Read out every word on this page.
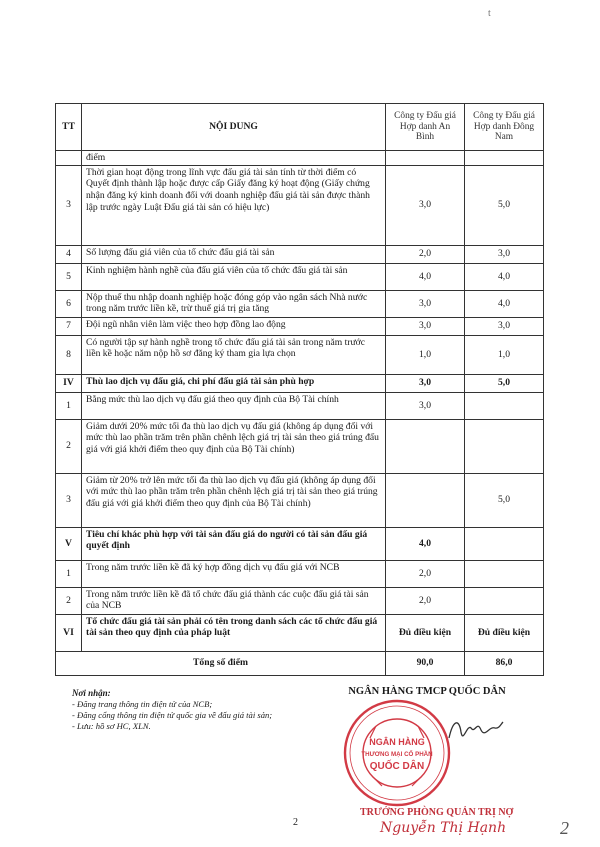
t
TT	NỘI DUNG	Công ty Đấu giá Hợp danh An Bình	Công ty Đấu giá Hợp danh Đông Nam
	điểm		
3	Thời gian hoạt động trong lĩnh vực đấu giá tài sản tính từ thời điểm có Quyết định thành lập hoặc được cấp Giấy đăng ký hoạt động (Giấy chứng nhận đăng ký kinh doanh đối với doanh nghiệp đấu giá tài sản được thành lập trước ngày Luật Đấu giá tài sản có hiệu lực)	3,0	5,0
4	Số lượng đấu giá viên của tổ chức đấu giá tài sản	2,0	3,0
5	Kinh nghiệm hành nghề của đấu giá viên của tổ chức đấu giá tài sản	4,0	4,0
6	Nộp thuế thu nhập doanh nghiệp hoặc đóng góp vào ngân sách Nhà nước trong năm trước liền kề, trừ thuế giá trị gia tăng	3,0	4,0
7	Đội ngũ nhân viên làm việc theo hợp đồng lao động	3,0	3,0
8	Có người tập sự hành nghề trong tổ chức đấu giá tài sản trong năm trước liền kề hoặc năm nộp hồ sơ đăng ký tham gia lựa chọn	1,0	1,0
IV	Thù lao dịch vụ đấu giá, chi phí đấu giá tài sản phù hợp	3,0	5,0
1	Bằng mức thù lao dịch vụ đấu giá theo quy định của Bộ Tài chính	3,0	
2	Giảm dưới 20% mức tối đa thù lao dịch vụ đấu giá (không áp dụng đối với mức thù lao phần trăm trên phần chênh lệch giá trị tài sản theo giá trúng đấu giá với giá khởi điểm theo quy định của Bộ Tài chính)		
3	Giảm từ 20% trở lên mức tối đa thù lao dịch vụ đấu giá (không áp dụng đối với mức thù lao phần trăm trên phần chênh lệch giá trị tài sản theo giá trúng đấu giá với giá khởi điểm theo quy định của Bộ Tài chính)		5,0
V	Tiêu chí khác phù hợp với tài sản đấu giá do người có tài sản đấu giá quyết định	4,0	
1	Trong năm trước liền kề đã ký hợp đồng dịch vụ đấu giá với NCB	2,0	
2	Trong năm trước liền kề đã tổ chức đấu giá thành các cuộc đấu giá tài sản của NCB	2,0	
VI	Tổ chức đấu giá tài sản phải có tên trong danh sách các tổ chức đấu giá tài sản theo quy định của pháp luật	Đủ điều kiện	Đủ điều kiện
Tổng số điểm		90,0	86,0
Nơi nhận:
- Đăng trang thông tin điện tử của NCB;
- Đăng cổng thông tin điện tử quốc gia về đấu giá tài sản;
- Lưu: hồ sơ HC, XLN.
NGÂN HÀNG TMCP QUỐC DÂN
NGÂN HÀNG
THƯƠNG MẠI CỔ PHẦN
QUỐC DÂN
TRƯỞNG PHÒNG QUẢN TRỊ NỢ
Nguyễn Thị Hạnh
2	2
